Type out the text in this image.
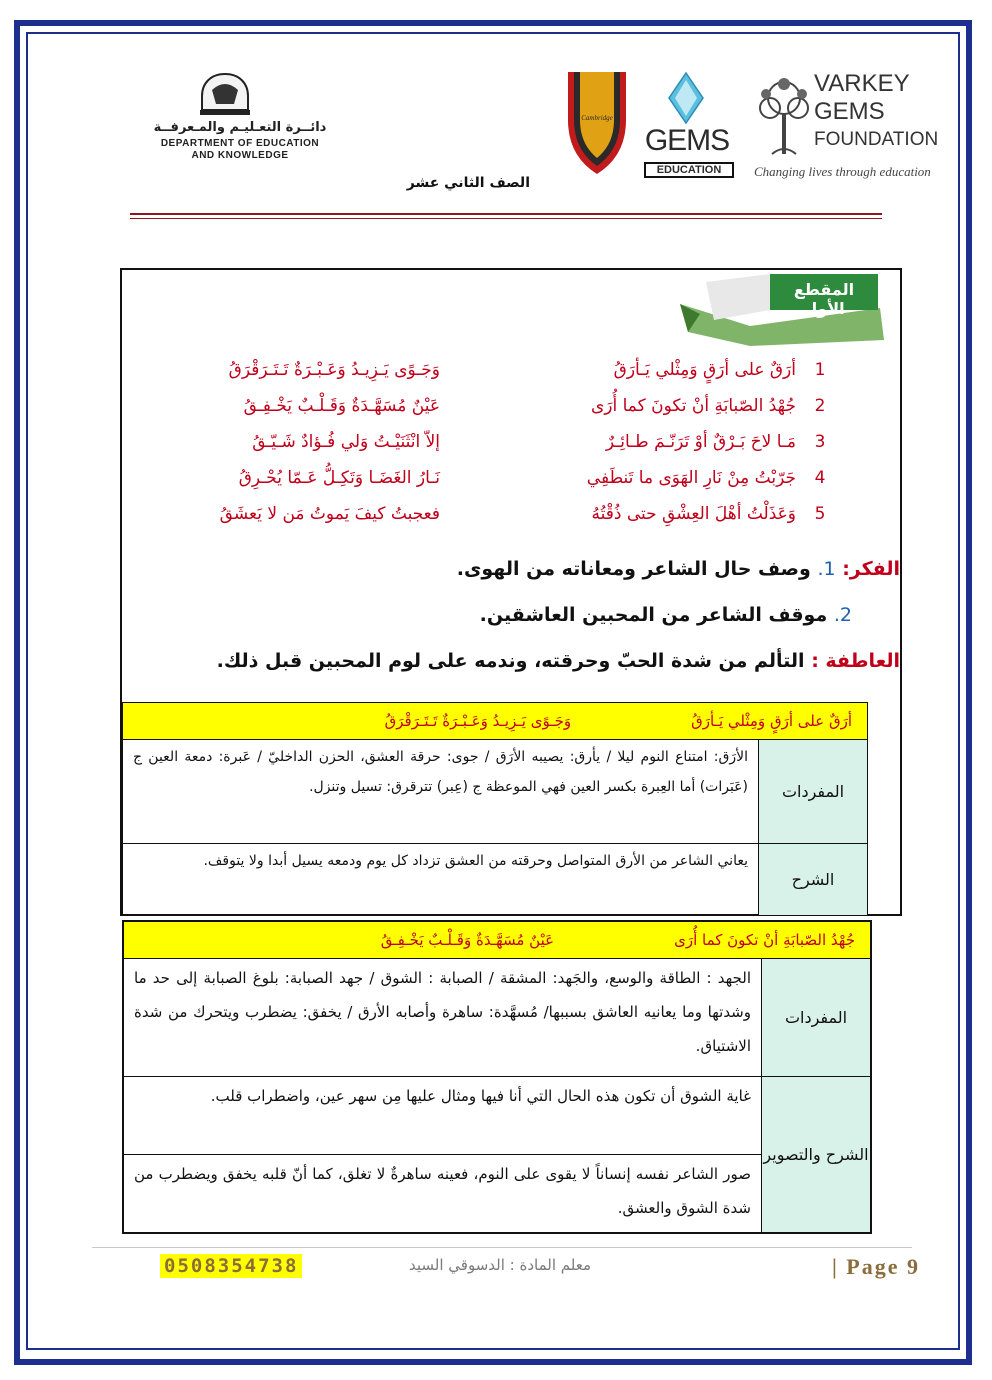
دائــرة التعـليـم والمـعرفــة
DEPARTMENT OF EDUCATION
AND KNOWLEDGE
الصف الثاني عشر
Cambridge
GEMS
EDUCATION
VARKEY
GEMS
FOUNDATION
Changing lives through education
المقطع الأول
1
أرَقٌ على أرَقٍ وَمِثْلي يَـأرَقُ
وَجَـوًى يَـزِيـدُ وَعَـبْـرَةٌ تَـتَـرَقْرَقُ
2
جُهْدُ الصّبابَةِ أنْ تكونَ كما أُرَى
عَيْنٌ مُسَهَّـدَةٌ وَقَـلْـبٌ يَخْـفِـقُ
3
مَـا لاحَ بَـرْقٌ أوْ تَرَنّـمَ طـائِـرٌ
إلاّ انْثَنَيْـتُ وَلي فُـؤادٌ شَـيّـقُ
4
جَرّبْتُ مِنْ نَارِ الهَوَى ما تَنطَفِي
نَـارُ الغَضَـا وَتَكِـلُّ عَـمّا يُحْـرِقُ
5
وَعَذَلْتُ أهْلَ العِشْقِ حتى ذُقْتُهُ
فعجبتُ كيفَ يَموتُ مَن لا يَعشَقُ
الفكر: 1. وصف حال الشاعر ومعاناته من الهوى.
2. موقف الشاعر من المحبين العاشقين.
العاطفة : التألم من شدة الحبّ وحرقته، وندمه على لوم المحبين قبل ذلك.
أرَقٌ على أرَقٍ وَمِثْلي يَـأرَقُ
وَجَـوًى يَـزِيـدُ وَعَـبْـرَةٌ تَـتَـرَقْرَقُ	

المفردات	الأرَق: امتناع النوم ليلا / يأرق: يصيبه الأرَق / جوى: حرقة العشق، الحزن الداخليّ / عَبرة: دمعة العين ج (عَبَرات) أما العِبرة بكسر العين فهي الموعظة ج (عِبر) تترقرق: تسيل وتنزل.
الشرح	يعاني الشاعر من الأرق المتواصل وحرقته من العشق تزداد كل يوم ودمعه يسيل أبدا ولا يتوقف.
جُهْدُ الصّبابَةِ أنْ تكونَ كما أُرَى
عَيْنٌ مُسَهَّـدَةٌ وَقَـلْـبٌ يَخْـفِـقُ	

المفردات	الجهد : الطاقة والوسع، والجَهد: المشقة / الصبابة : الشوق / جهد الصبابة: بلوغ الصبابة إلى حد ما وشدتها وما يعانيه العاشق بسببها/ مُسهَّدة: ساهرة وأصابه الأرق / يخفق: يضطرب ويتحرك من شدة الاشتياق.
الشرح والتصوير	غاية الشوق أن تكون هذه الحال التي أنا فيها ومثال عليها مِن سهر عين، واضطراب قلب.
	صور الشاعر نفسه إنساناً لا يقوى على النوم، فعينه ساهرةٌ لا تغلق، كما أنّ قلبه يخفق ويضطرب من شدة الشوق والعشق.
0508354738	معلم المادة : الدسوقي السيد	| Page 9
